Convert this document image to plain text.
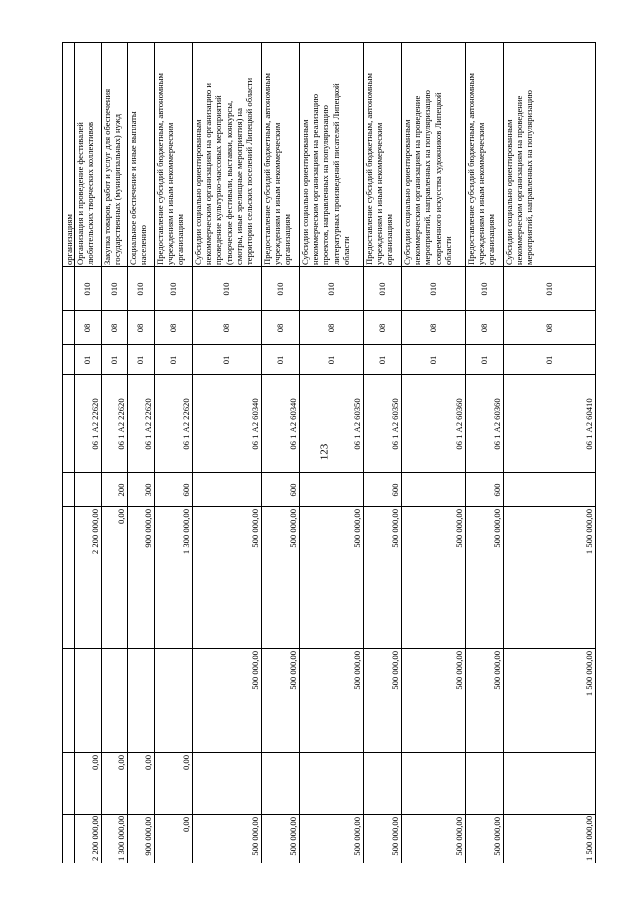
123
организациям Организация и проведение фестивалей любительских творческих коллективов
010
08
01
06 1 А2 22620
2 200 000,00
0,00
2 200 000,00
Закупка товаров, работ и услуг для обеспечения государственных (муниципальных) нужд
010
08
01
06 1 А2 22620
200
0,00
0,00
1 300 000,00
Социальное обеспечение и иные выплаты населению
010
08
01
06 1 А2 22620
300
900 000,00
0,00
900 000,00
Предоставление субсидий бюджетным, автономным учреждениям и иным некоммерческим организациям
010
08
01
06 1 А2 22620
600
1 300 000,00
0,00
0,00
Субсидии социально ориентированным некоммерческим организациям на организацию и проведение культурно-массовых мероприятий (творческие фестивали, выставки, конкурсы, смотры, иные зрелищные мероприятия) на территории сельских поселений Липецкой области
010
08
01
06 1 А2 60340
500 000,00
500 000,00
500 000,00
Предоставление субсидий бюджетным, автономным учреждениям и иным некоммерческим организациям
010
08
01
06 1 А2 60340
600
500 000,00
500 000,00
500 000,00
Субсидии социально ориентированным некоммерческим организациям на реализацию проектов, направленных на популяризацию литературных произведений писателей Липецкой области
010
08
01
06 1 А2 60350
500 000,00
500 000,00
500 000,00
Предоставление субсидий бюджетным, автономным учреждениям и иным некоммерческим организациям
010
08
01
06 1 А2 60350
600
500 000,00
500 000,00
500 000,00
Субсидии социально ориентированным некоммерческим организациям на проведение мероприятий, направленных на популяризацию современного искусства художников Липецкой области
010
08
01
06 1 А2 60360
500 000,00
500 000,00
500 000,00
Предоставление субсидий бюджетным, автономным учреждениям и иным некоммерческим организациям
010
08
01
06 1 А2 60360
600
500 000,00
500 000,00
500 000,00
Субсидии социально ориентированным некоммерческим организациям на проведение мероприятий, направленных на популяризацию
010
08
01
06 1 А2 60410
1 500 000,00
1 500 000,00
1 500 000,00
